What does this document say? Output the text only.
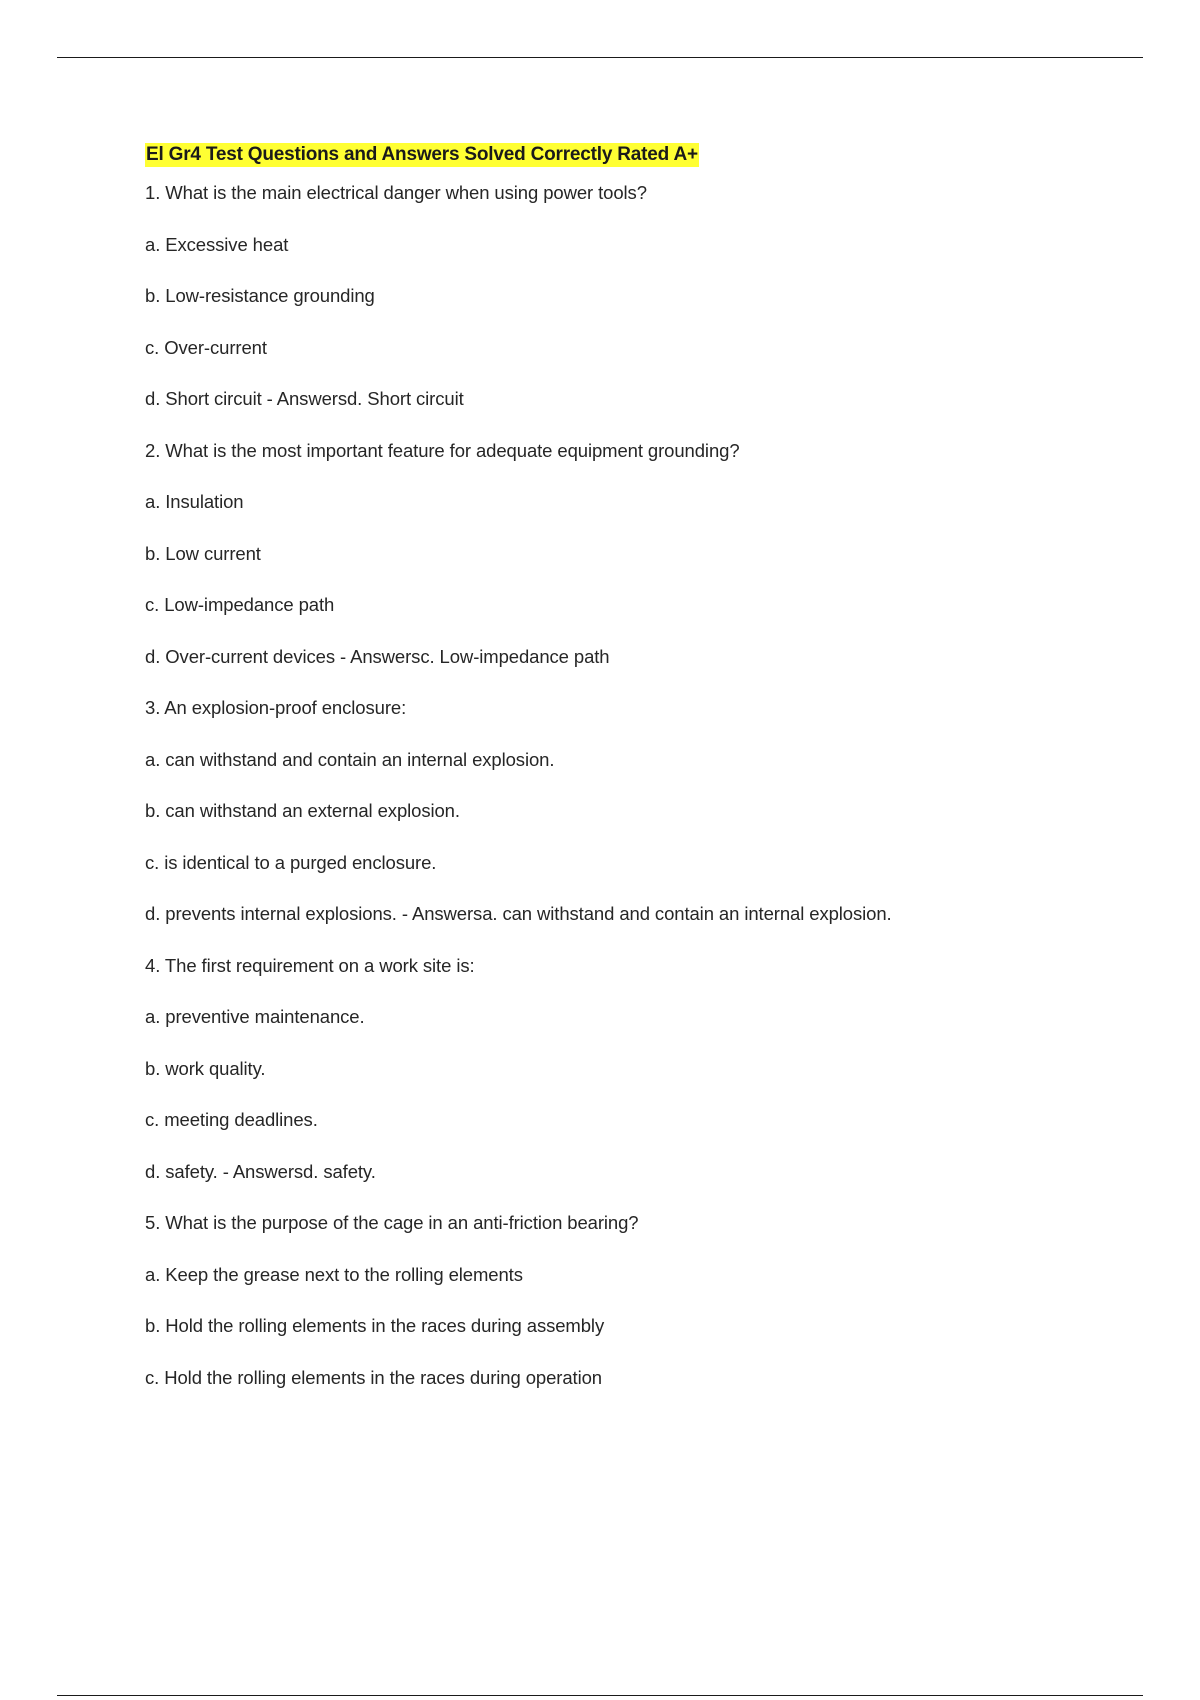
El Gr4 Test Questions and Answers Solved Correctly Rated A+
1. What is the main electrical danger when using power tools?
a. Excessive heat
b. Low-resistance grounding
c. Over-current
d. Short circuit - Answersd. Short circuit
2. What is the most important feature for adequate equipment grounding?
a. Insulation
b. Low current
c. Low-impedance path
d. Over-current devices - Answersc. Low-impedance path
3. An explosion-proof enclosure:
a. can withstand and contain an internal explosion.
b. can withstand an external explosion.
c. is identical to a purged enclosure.
d. prevents internal explosions. - Answersa. can withstand and contain an internal explosion.
4. The first requirement on a work site is:
a. preventive maintenance.
b. work quality.
c. meeting deadlines.
d. safety. - Answersd. safety.
5. What is the purpose of the cage in an anti-friction bearing?
a. Keep the grease next to the rolling elements
b. Hold the rolling elements in the races during assembly
c. Hold the rolling elements in the races during operation
